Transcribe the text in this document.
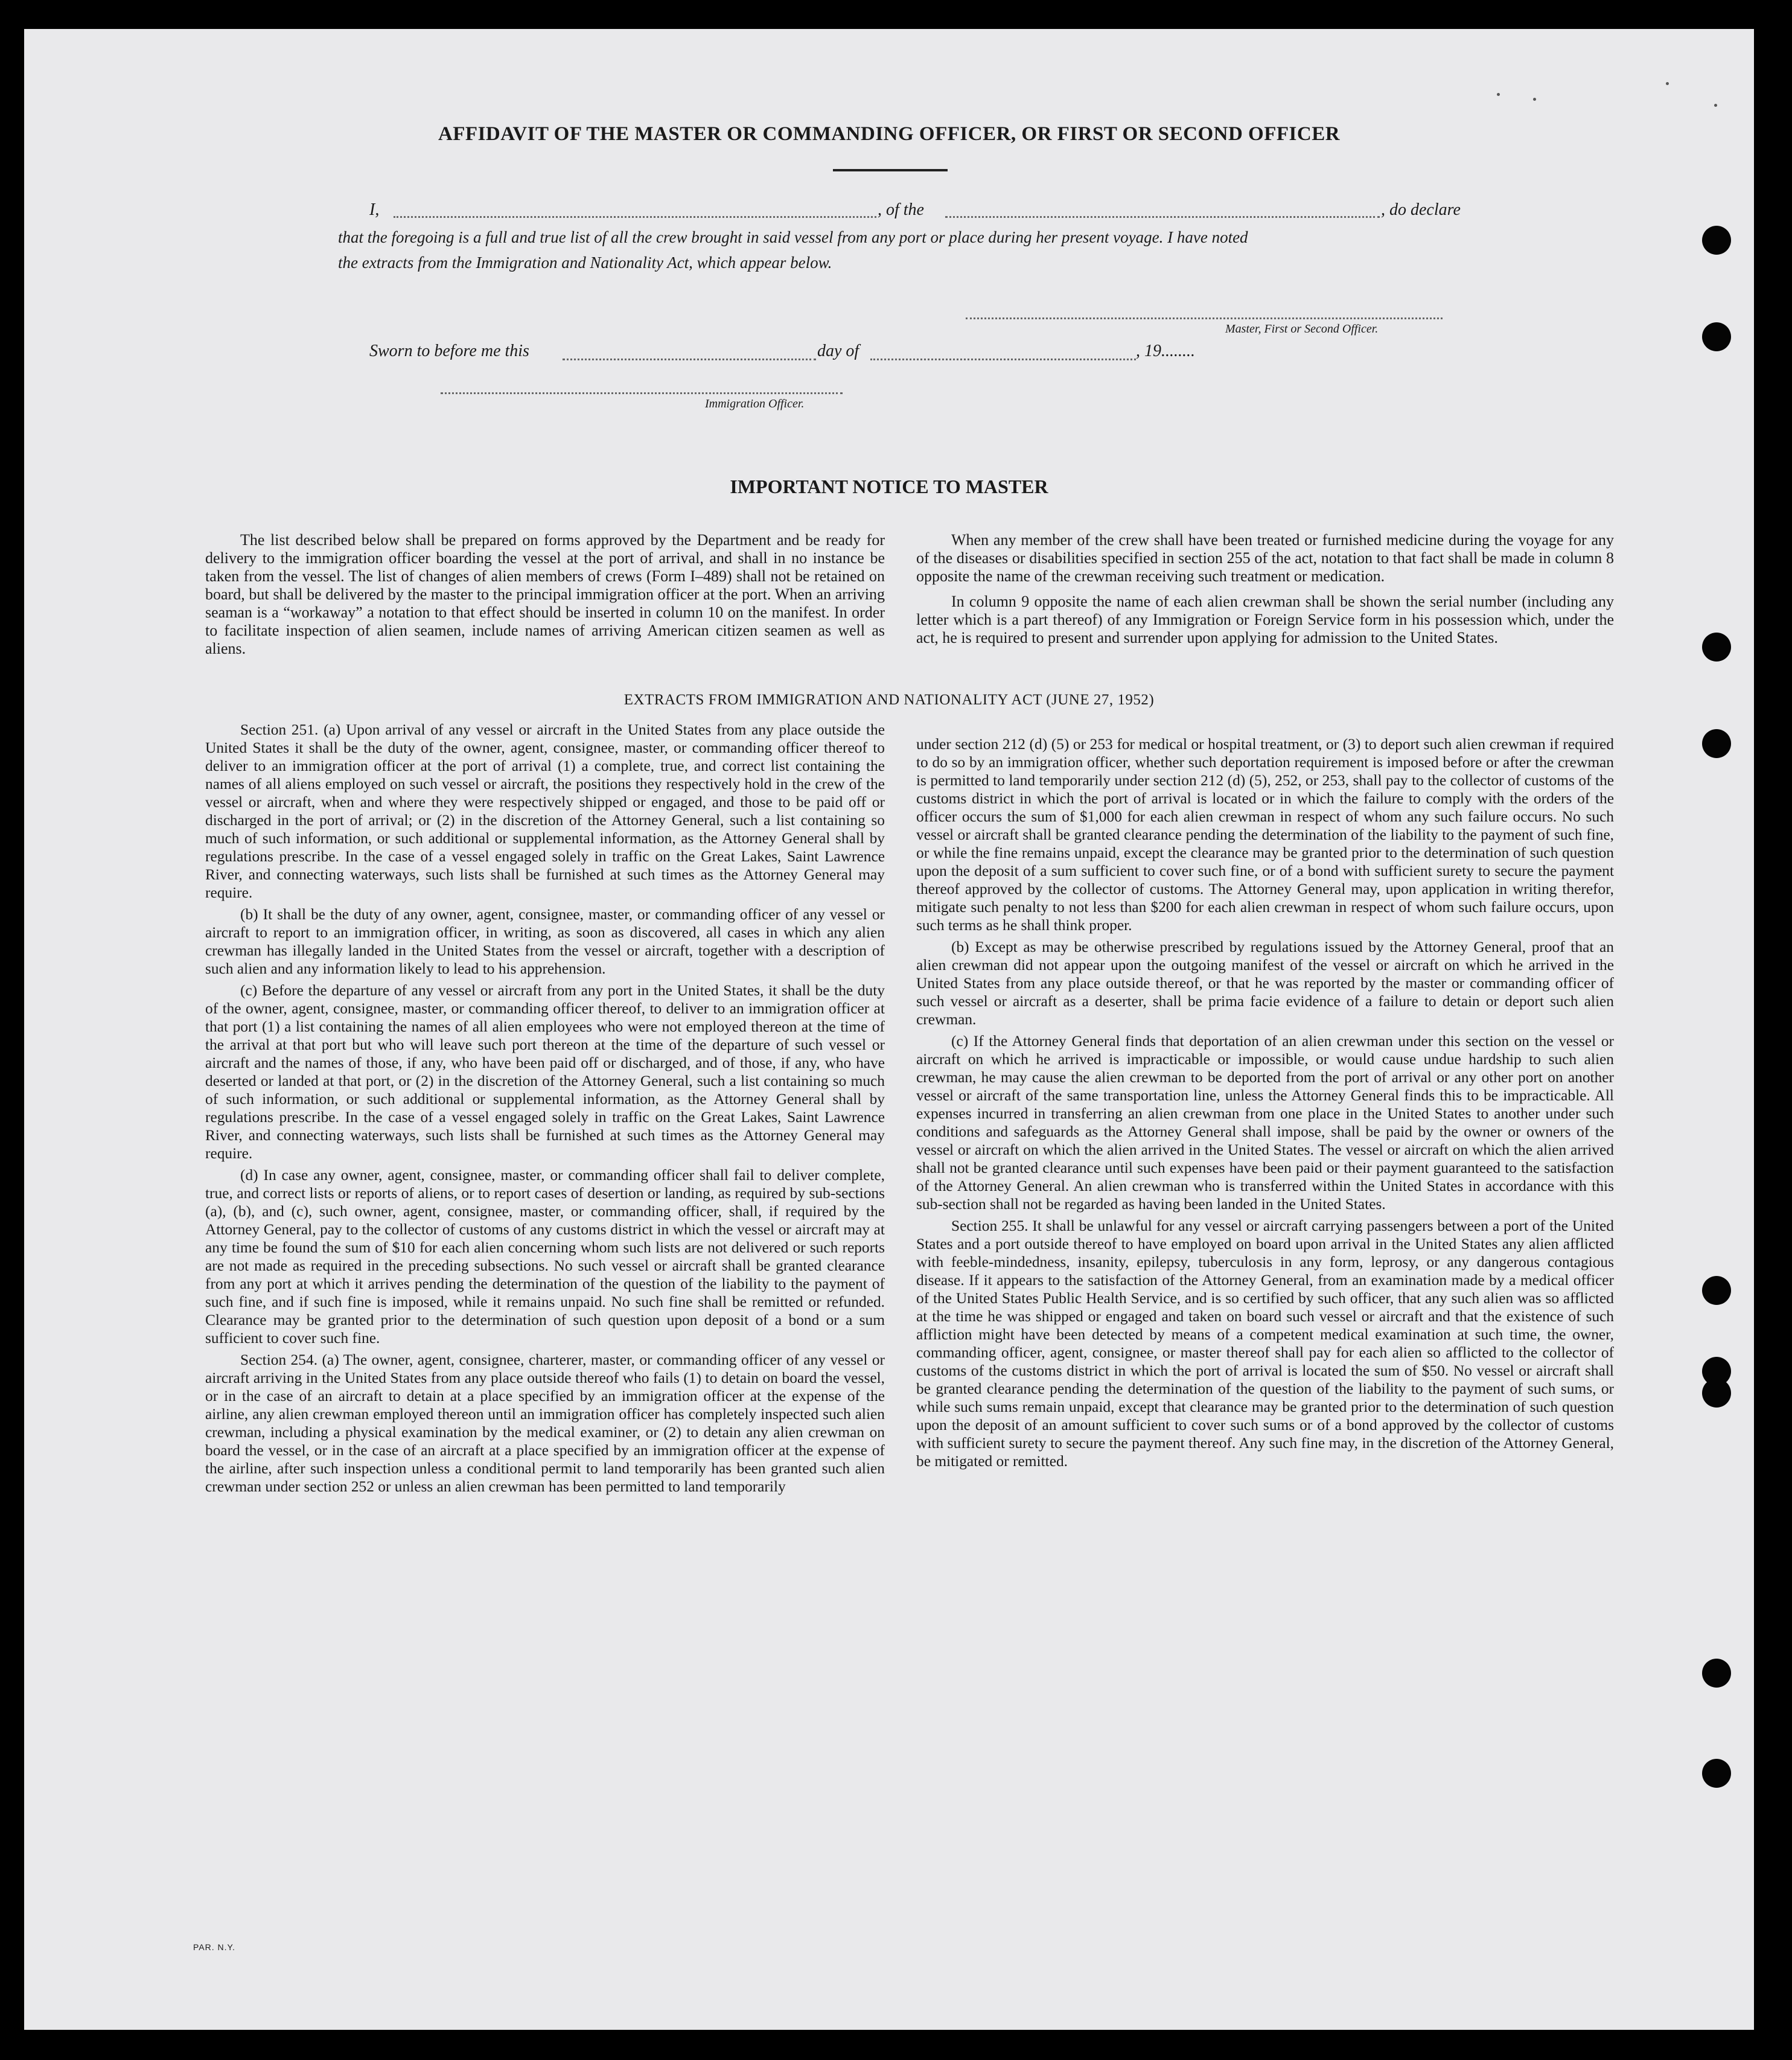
AFFIDAVIT OF THE MASTER OR COMMANDING OFFICER, OR FIRST OR SECOND OFFICER
I,	, of the	, do declare
that the foregoing is a full and true list of all the crew brought in said vessel from any port or place during her present voyage. I have noted
the extracts from the Immigration and Nationality Act, which appear below.
Master, First or Second Officer.
Sworn to before me this	day of	, 19........
Immigration Officer.
IMPORTANT NOTICE TO MASTER

The list described below shall be prepared on forms approved by the Department and be ready for delivery to the immigration officer boarding the vessel at the port of arrival, and shall in no instance be taken from the vessel. The list of changes of alien members of crews (Form I–489) shall not be retained on board, but shall be delivered by the master to the principal immigration officer at the port. When an arriving seaman is a “workaway” a notation to that effect should be inserted in column 10 on the manifest. In order to facilitate inspection of alien seamen, include names of arriving American citizen seamen as well as aliens.

When any member of the crew shall have been treated or furnished medicine during the voyage for any of the diseases or disabilities specified in section 255 of the act, notation to that fact shall be made in column 8 opposite the name of the crewman receiving such treatment or medication.

In column 9 opposite the name of each alien crewman shall be shown the serial number (including any letter which is a part thereof) of any Immigration or Foreign Service form in his possession which, under the act, he is required to present and surrender upon applying for admission to the United States.

EXTRACTS FROM IMMIGRATION AND NATIONALITY ACT (JUNE 27, 1952)

Section 251. (a) Upon arrival of any vessel or aircraft in the United States from any place outside the United States it shall be the duty of the owner, agent, consignee, master, or commanding officer thereof to deliver to an immigration officer at the port of arrival (1) a complete, true, and correct list containing the names of all aliens employed on such vessel or aircraft, the positions they respectively hold in the crew of the vessel or aircraft, when and where they were respectively shipped or engaged, and those to be paid off or discharged in the port of arrival; or (2) in the discretion of the Attorney General, such a list containing so much of such information, or such additional or supplemental information, as the Attorney General shall by regulations prescribe. In the case of a vessel engaged solely in traffic on the Great Lakes, Saint Lawrence River, and connecting waterways, such lists shall be furnished at such times as the Attorney General may require.

(b) It shall be the duty of any owner, agent, consignee, master, or commanding officer of any vessel or aircraft to report to an immigration officer, in writing, as soon as discovered, all cases in which any alien crewman has illegally landed in the United States from the vessel or aircraft, together with a description of such alien and any information likely to lead to his apprehension.

(c) Before the departure of any vessel or aircraft from any port in the United States, it shall be the duty of the owner, agent, consignee, master, or commanding officer thereof, to deliver to an immigration officer at that port (1) a list containing the names of all alien employees who were not employed thereon at the time of the arrival at that port but who will leave such port thereon at the time of the departure of such vessel or aircraft and the names of those, if any, who have been paid off or discharged, and of those, if any, who have deserted or landed at that port, or (2) in the discretion of the Attorney General, such a list containing so much of such information, or such additional or supplemental information, as the Attorney General shall by regulations prescribe. In the case of a vessel engaged solely in traffic on the Great Lakes, Saint Lawrence River, and connecting waterways, such lists shall be furnished at such times as the Attorney General may require.

(d) In case any owner, agent, consignee, master, or commanding officer shall fail to deliver complete, true, and correct lists or reports of aliens, or to report cases of desertion or landing, as required by sub-sections (a), (b), and (c), such owner, agent, consignee, master, or commanding officer, shall, if required by the Attorney General, pay to the collector of customs of any customs district in which the vessel or aircraft may at any time be found the sum of $10 for each alien concerning whom such lists are not delivered or such reports are not made as required in the preceding subsections. No such vessel or aircraft shall be granted clearance from any port at which it arrives pending the determination of the question of the liability to the payment of such fine, and if such fine is imposed, while it remains unpaid. No such fine shall be remitted or refunded. Clearance may be granted prior to the determination of such question upon deposit of a bond or a sum sufficient to cover such fine.

Section 254. (a) The owner, agent, consignee, charterer, master, or commanding officer of any vessel or aircraft arriving in the United States from any place outside thereof who fails (1) to detain on board the vessel, or in the case of an aircraft to detain at a place specified by an immigration officer at the expense of the airline, any alien crewman employed thereon until an immigration officer has completely inspected such alien crewman, including a physical examination by the medical examiner, or (2) to detain any alien crewman on board the vessel, or in the case of an aircraft at a place specified by an immigration officer at the expense of the airline, after such inspection unless a conditional permit to land temporarily has been granted such alien crewman under section 252 or unless an alien crewman has been permitted to land temporarily

under section 212 (d) (5) or 253 for medical or hospital treatment, or (3) to deport such alien crewman if required to do so by an immigration officer, whether such deportation requirement is imposed before or after the crewman is permitted to land temporarily under section 212 (d) (5), 252, or 253, shall pay to the collector of customs of the customs district in which the port of arrival is located or in which the failure to comply with the orders of the officer occurs the sum of $1,000 for each alien crewman in respect of whom any such failure occurs. No such vessel or aircraft shall be granted clearance pending the determination of the liability to the payment of such fine, or while the fine remains unpaid, except the clearance may be granted prior to the determination of such question upon the deposit of a sum sufficient to cover such fine, or of a bond with sufficient surety to secure the payment thereof approved by the collector of customs. The Attorney General may, upon application in writing therefor, mitigate such penalty to not less than $200 for each alien crewman in respect of whom such failure occurs, upon such terms as he shall think proper.

(b) Except as may be otherwise prescribed by regulations issued by the Attorney General, proof that an alien crewman did not appear upon the outgoing manifest of the vessel or aircraft on which he arrived in the United States from any place outside thereof, or that he was reported by the master or commanding officer of such vessel or aircraft as a deserter, shall be prima facie evidence of a failure to detain or deport such alien crewman.

(c) If the Attorney General finds that deportation of an alien crewman under this section on the vessel or aircraft on which he arrived is impracticable or impossible, or would cause undue hardship to such alien crewman, he may cause the alien crewman to be deported from the port of arrival or any other port on another vessel or aircraft of the same transportation line, unless the Attorney General finds this to be impracticable. All expenses incurred in transferring an alien crewman from one place in the United States to another under such conditions and safeguards as the Attorney General shall impose, shall be paid by the owner or owners of the vessel or aircraft on which the alien arrived in the United States. The vessel or aircraft on which the alien arrived shall not be granted clearance until such expenses have been paid or their payment guaranteed to the satisfaction of the Attorney General. An alien crewman who is transferred within the United States in accordance with this sub-section shall not be regarded as having been landed in the United States.

Section 255. It shall be unlawful for any vessel or aircraft carrying passengers between a port of the United States and a port outside thereof to have employed on board upon arrival in the United States any alien afflicted with feeble-mindedness, insanity, epilepsy, tuberculosis in any form, leprosy, or any dangerous contagious disease. If it appears to the satisfaction of the Attorney General, from an examination made by a medical officer of the United States Public Health Service, and is so certified by such officer, that any such alien was so afflicted at the time he was shipped or engaged and taken on board such vessel or aircraft and that the existence of such affliction might have been detected by means of a competent medical examination at such time, the owner, commanding officer, agent, consignee, or master thereof shall pay for each alien so afflicted to the collector of customs of the customs district in which the port of arrival is located the sum of $50. No vessel or aircraft shall be granted clearance pending the determination of the question of the liability to the payment of such sums, or while such sums remain unpaid, except that clearance may be granted prior to the determination of such question upon the deposit of an amount sufficient to cover such sums or of a bond approved by the collector of customs with sufficient surety to secure the payment thereof. Any such fine may, in the discretion of the Attorney General, be mitigated or remitted.

PAR. N.Y.
